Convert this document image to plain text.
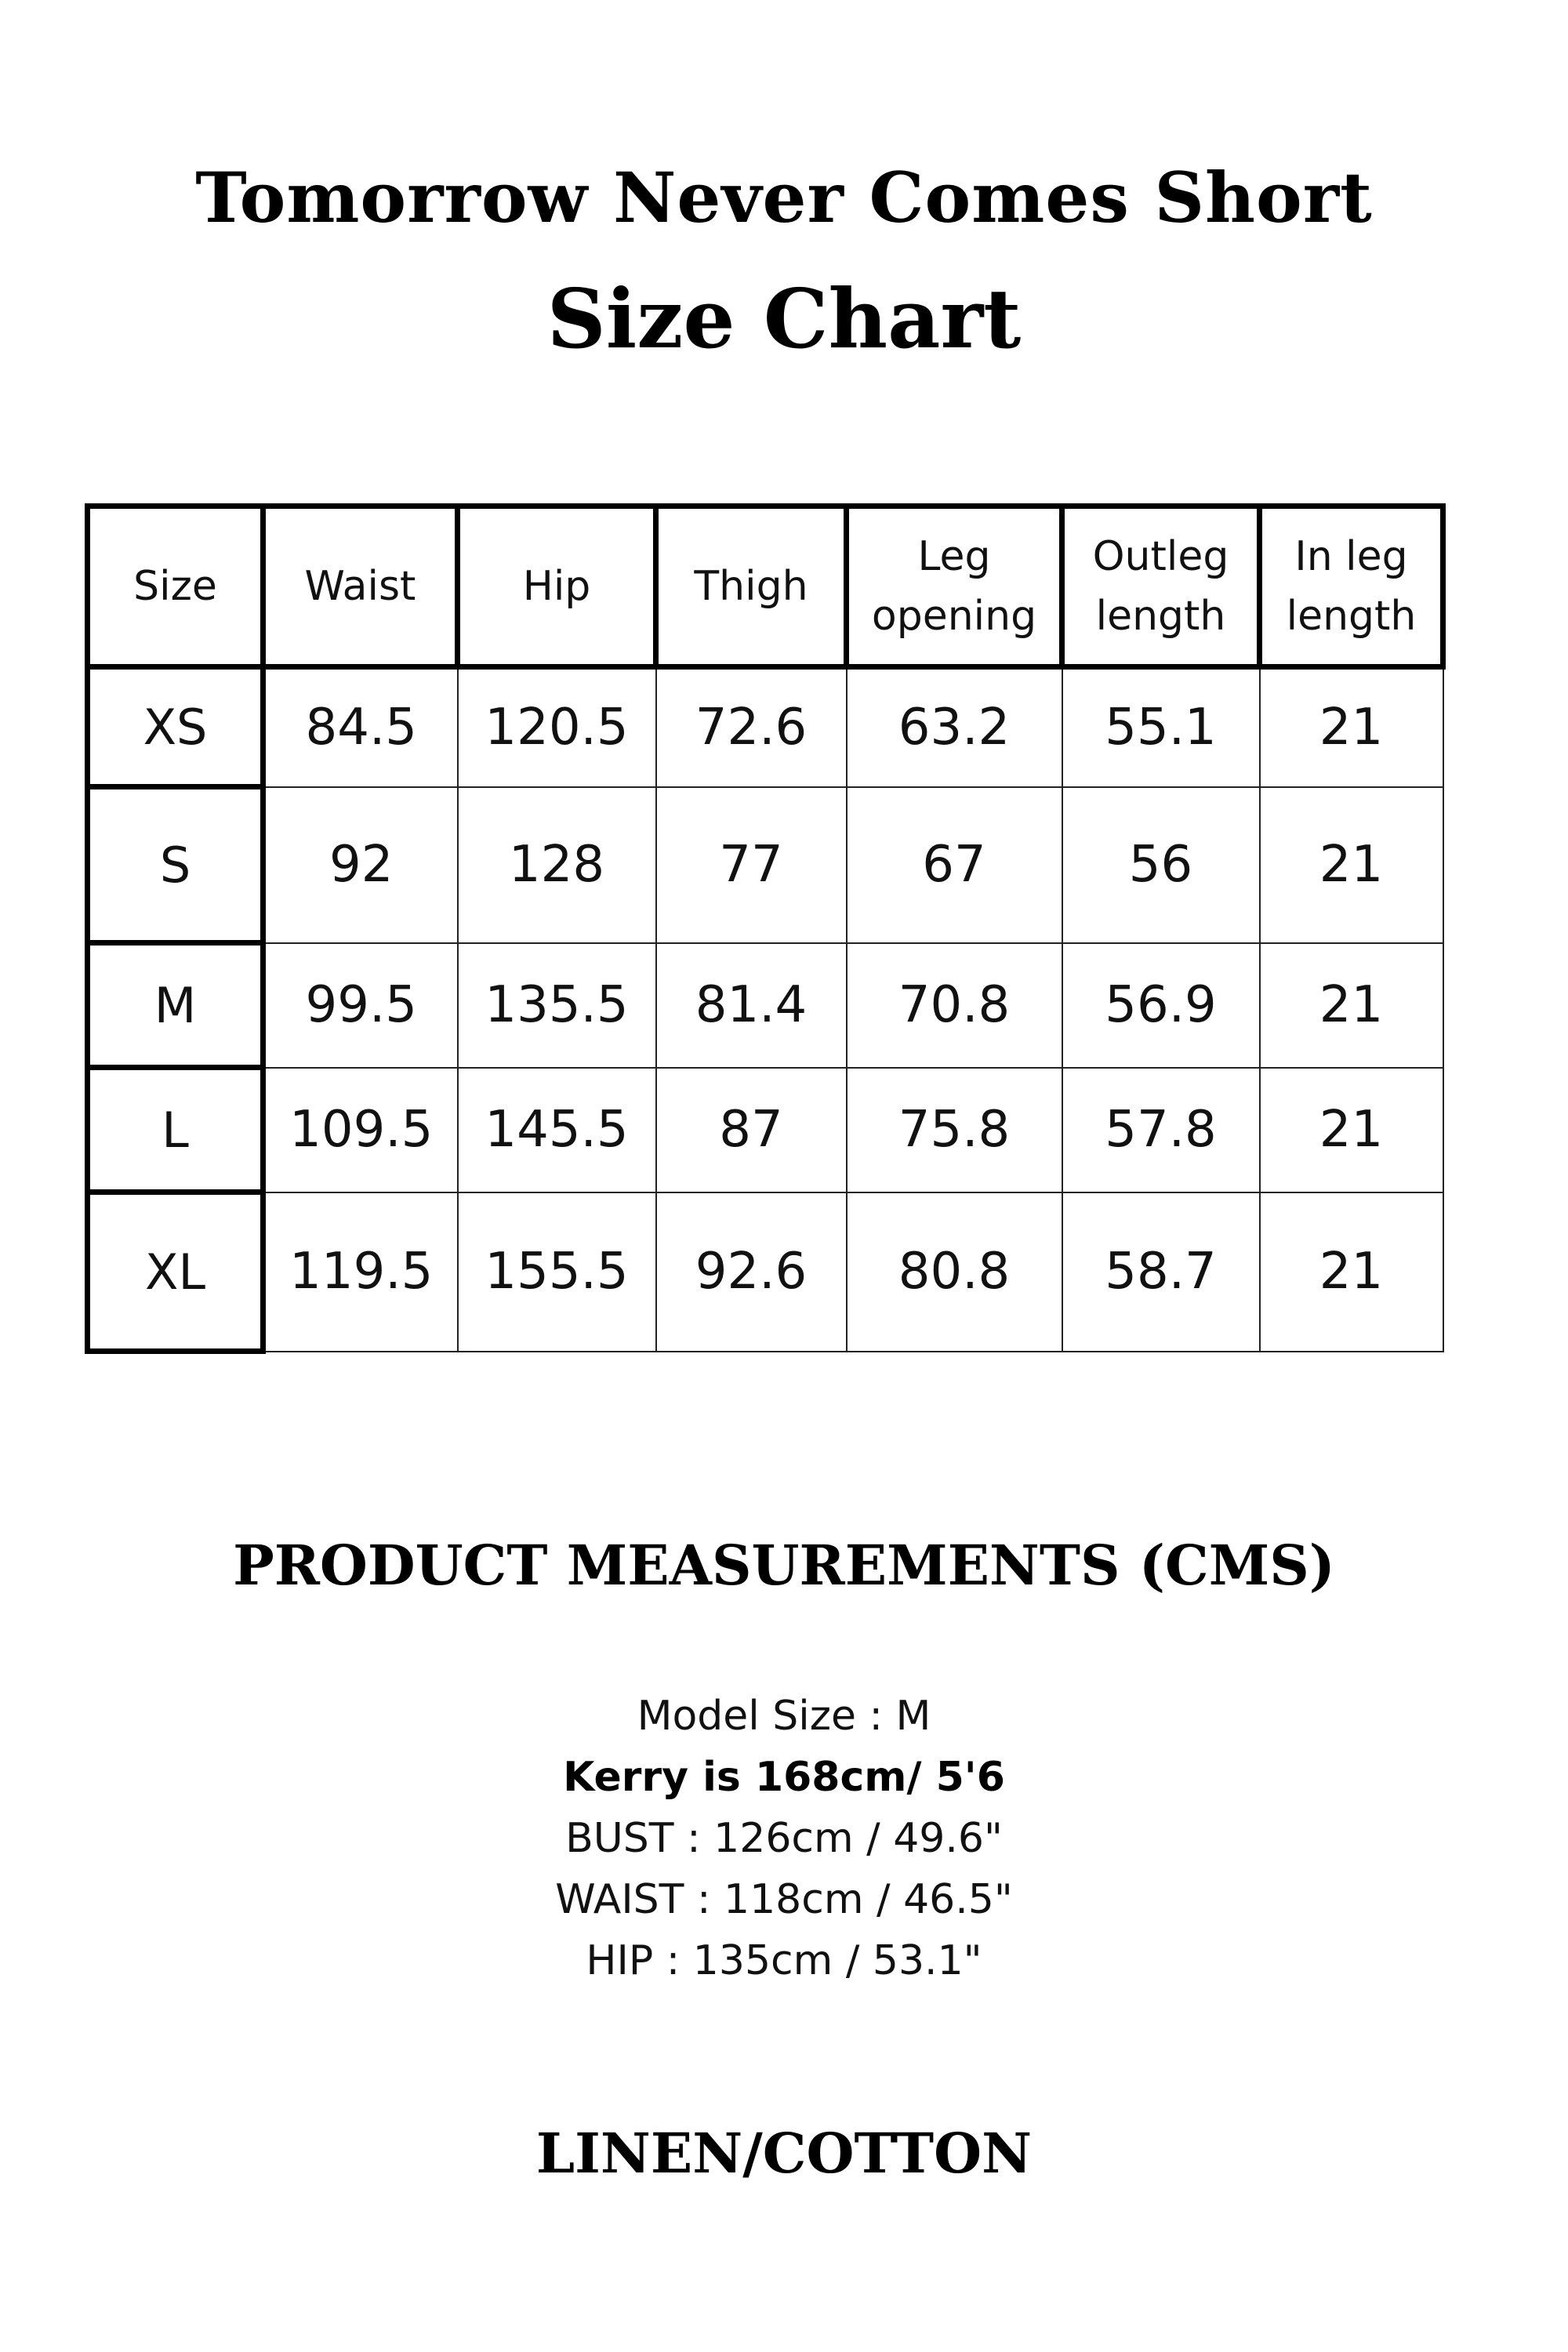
Tomorrow Never Comes Short
Size Chart
Size	Waist	Hip	Thigh	Leg opening	Outleg length	In leg length
XS	84.5	120.5	72.6	63.2	55.1	21
S	92	128	77	67	56	21
M	99.5	135.5	81.4	70.8	56.9	21
L	109.5	145.5	87	75.8	57.8	21
XL	119.5	155.5	92.6	80.8	58.7	21
PRODUCT MEASUREMENTS (CMS)
Model Size : M
Kerry is 168cm/ 5'6
BUST : 126cm / 49.6"
WAIST : 118cm / 46.5"
HIP : 135cm / 53.1"
LINEN/COTTON
